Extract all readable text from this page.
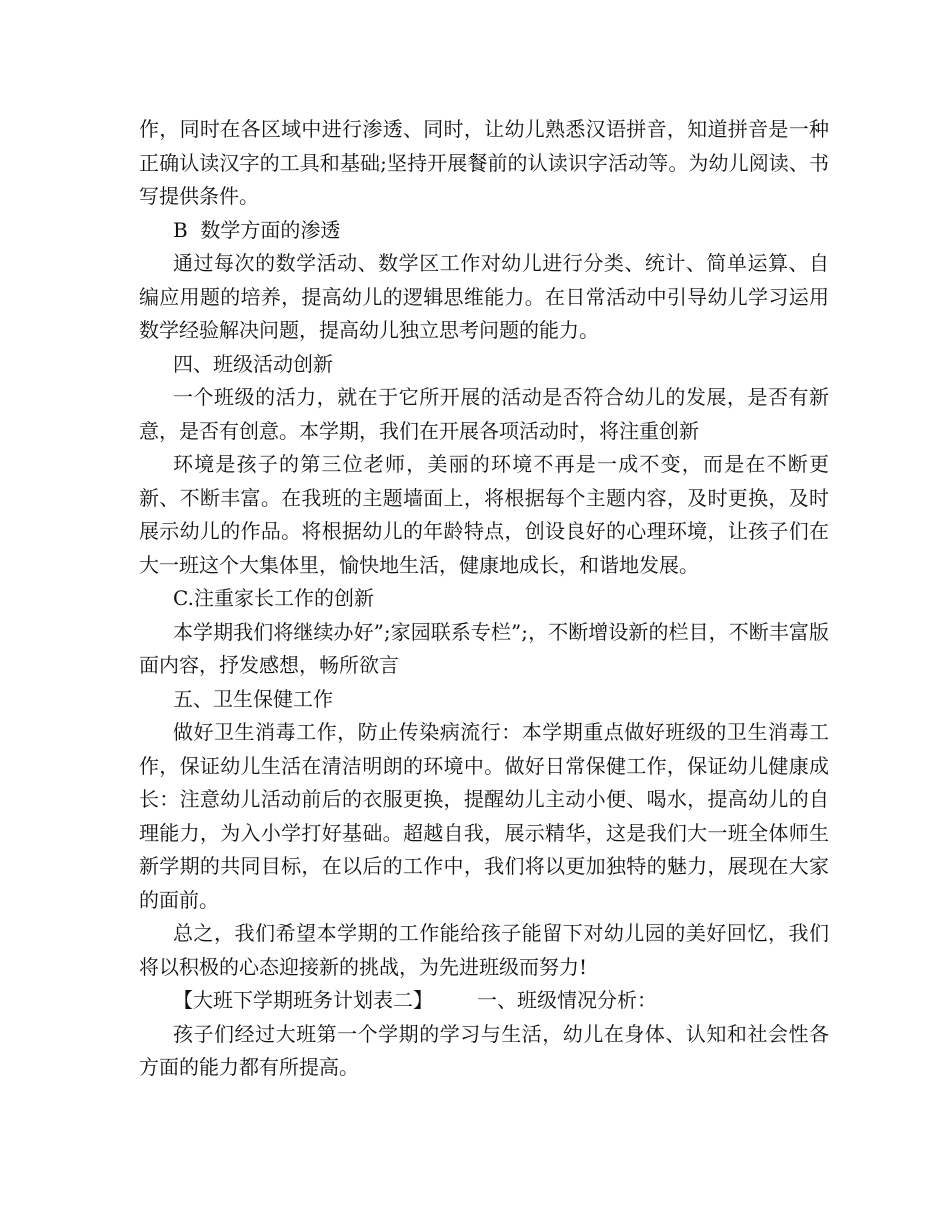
作，同时在各区域中进行渗透、同时，让幼儿熟悉汉语拼音，知道拼音是一种正确认读汉字的工具和基础;坚持开展餐前的认读识字活动等。为幼儿阅读、书写提供条件。

B  数学方面的渗透

通过每次的数学活动、数学区工作对幼儿进行分类、统计、简单运算、自编应用题的培养，提高幼儿的逻辑思维能力。在日常活动中引导幼儿学习运用数学经验解决问题，提高幼儿独立思考问题的能力。

四、班级活动创新

一个班级的活力，就在于它所开展的活动是否符合幼儿的发展，是否有新意，是否有创意。本学期，我们在开展各项活动时，将注重创新

环境是孩子的第三位老师，美丽的环境不再是一成不变，而是在不断更新、不断丰富。在我班的主题墙面上，将根据每个主题内容，及时更换，及时展示幼儿的作品。将根据幼儿的年龄特点，创设良好的心理环境，让孩子们在大一班这个大集体里，愉快地生活，健康地成长，和谐地发展。

C.注重家长工作的创新

本学期我们将继续办好”;家园联系专栏”;，不断增设新的栏目，不断丰富版面内容，抒发感想，畅所欲言

五、卫生保健工作

做好卫生消毒工作，防止传染病流行：本学期重点做好班级的卫生消毒工作，保证幼儿生活在清洁明朗的环境中。做好日常保健工作，保证幼儿健康成长：注意幼儿活动前后的衣服更换，提醒幼儿主动小便、喝水，提高幼儿的自理能力，为入小学打好基础。超越自我，展示精华，这是我们大一班全体师生新学期的共同目标，在以后的工作中，我们将以更加独特的魅力，展现在大家的面前。

总之，我们希望本学期的工作能给孩子能留下对幼儿园的美好回忆，我们将以积极的心态迎接新的挑战，为先进班级而努力!

【大班下学期班务计划表二】 一、班级情况分析：

孩子们经过大班第一个学期的学习与生活，幼儿在身体、认知和社会性各方面的能力都有所提高。
